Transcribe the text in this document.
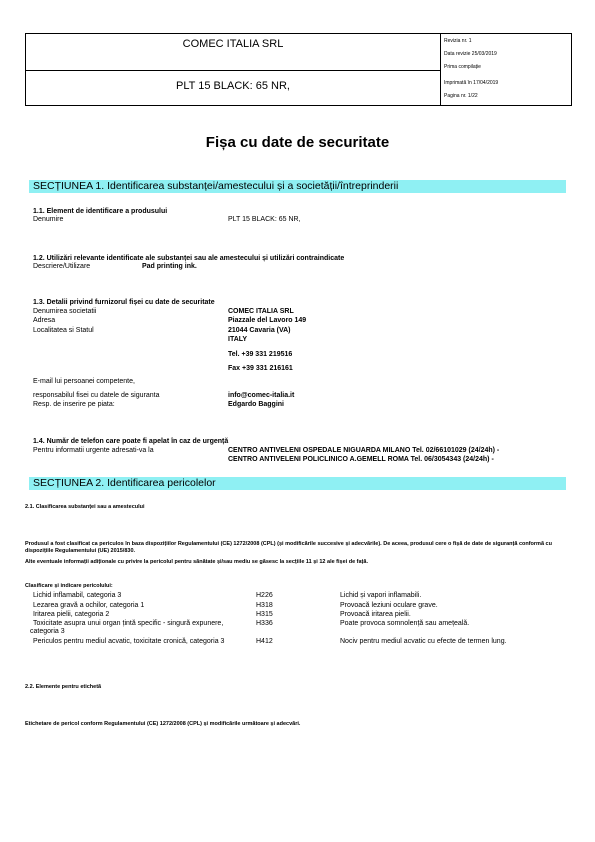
COMEC ITALIA SRL
PLT 15 BLACK: 65 NR,
Revizia nr. 1
Data revizie 25/03/2019
Prima compilație
Imprimată în 17/04/2019
Pagina nr. 1/22
Fișa cu date de securitate
SECȚIUNEA 1. Identificarea substanței/amestecului și a societății/întreprinderii
1.1. Element de identificare a produsului
Denumire	PLT 15 BLACK: 65 NR,
1.2. Utilizări relevante identificate ale substanței sau ale amestecului și utilizări contraindicate
Descriere/Utilizare	Pad printing ink.
1.3. Detalii privind furnizorul fișei cu date de securitate
Denumirea societatii	COMEC ITALIA SRL
Adresa	Piazzale del Lavoro 149
Localitatea si Statul	21044 Cavaria (VA)
ITALY
Tel. +39 331 219516
Fax +39 331 216161
E-mail lui persoanei competente,
responsabilul fisei cu datele de siguranta	info@comec-italia.it
Resp. de inserire pe piata:	Edgardo Baggini
1.4. Număr de telefon care poate fi apelat în caz de urgență
Pentru informatii urgente adresati-va la	CENTRO ANTIVELENI OSPEDALE NIGUARDA MILANO Tel. 02/66101029 (24/24h) -
CENTRO ANTIVELENI POLICLINICO A.GEMELL ROMA Tel. 06/3054343 (24/24h) -
SECȚIUNEA 2. Identificarea pericolelor
2.1. Clasificarea substanței sau a amestecului
Produsul a fost clasificat ca periculos în baza dispozițiilor Regulamentului (CE) 1272/2008 (CPL) (și modificările succesive și adecvările). De aceea, produsul cere o fișă de date de siguranță conformă cu dispozițiile Regulamentului (UE) 2015/830.
Alte eventuale informații adiționale cu privire la pericolul pentru sănătate și/sau mediu se găsesc la secțiile 11 și 12 ale fișei de față.
Clasificare și indicare pericolului:
Lichid inflamabil, categoria 3	H226	Lichid și vapori inflamabili.
Lezarea gravă a ochilor, categoria 1	H318	Provoacă leziuni oculare grave.
Iritarea pielii, categoria 2	H315	Provoacă iritarea pielii.
Toxicitate asupra unui organ țintă specific - singură expunere, categoria 3
H336	Poate provoca somnolență sau amețeală.
Periculos pentru mediul acvatic, toxicitate cronică, categoria 3	H412	Nociv pentru mediul acvatic cu efecte de termen lung.
2.2. Elemente pentru etichetă
Etichetare de pericol conform Regulamentului (CE) 1272/2008 (CPL) și modificările următoare și adecvări.
